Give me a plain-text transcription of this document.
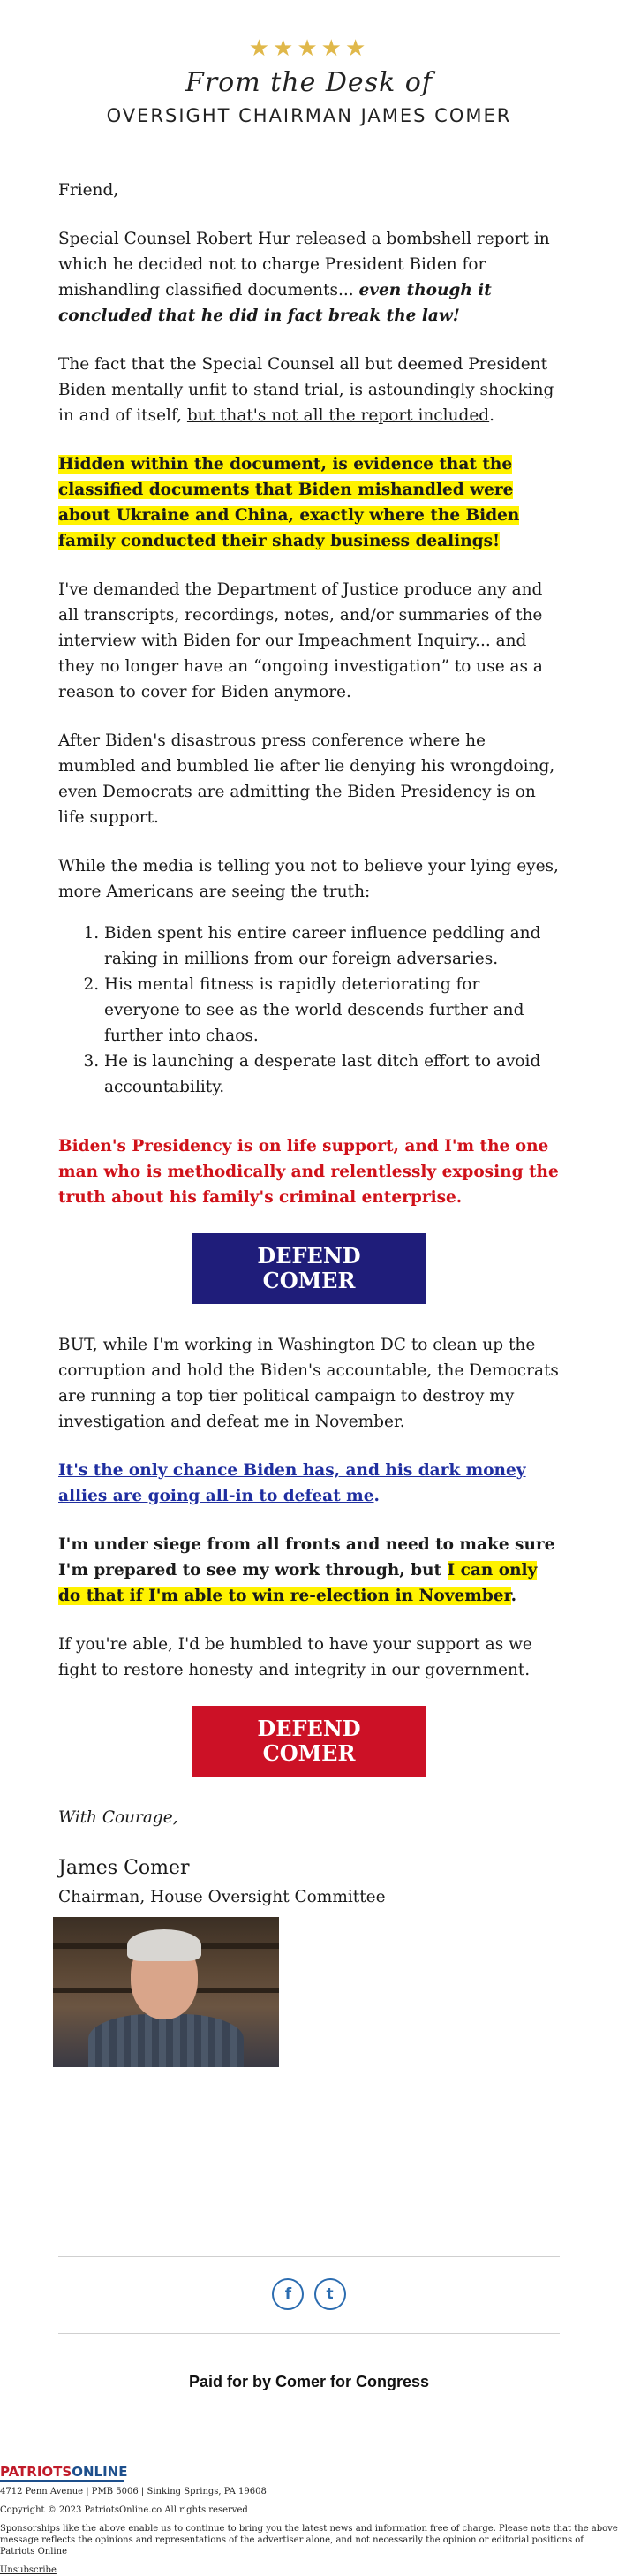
★★★★★
From the Desk of
OVERSIGHT CHAIRMAN JAMES COMER

Friend,

Special Counsel Robert Hur released a bombshell report in which he decided not to charge President Biden for mishandling classified documents... even though it concluded that he did in fact break the law!

The fact that the Special Counsel all but deemed President Biden mentally unfit to stand trial, is astoundingly shocking in and of itself, but that's not all the report included.

Hidden within the document, is evidence that the classified documents that Biden mishandled were about Ukraine and China, exactly where the Biden family conducted their shady business dealings!

I've demanded the Department of Justice produce any and all transcripts, recordings, notes, and/or summaries of the interview with Biden for our Impeachment Inquiry... and they no longer have an “ongoing investigation” to use as a reason to cover for Biden anymore.

After Biden's disastrous press conference where he mumbled and bumbled lie after lie denying his wrongdoing, even Democrats are admitting the Biden Presidency is on life support.

While the media is telling you not to believe your lying eyes, more Americans are seeing the truth:

1. Biden spent his entire career influence peddling and raking in millions from our foreign adversaries.
2. His mental fitness is rapidly deteriorating for everyone to see as the world descends further and further into chaos.
3. He is launching a desperate last ditch effort to avoid accountability.

Biden's Presidency is on life support, and I'm the one man who is methodically and relentlessly exposing the truth about his family's criminal enterprise.

DEFEND COMER

BUT, while I'm working in Washington DC to clean up the corruption and hold the Biden's accountable, the Democrats are running a top tier political campaign to destroy my investigation and defeat me in November.

It's the only chance Biden has, and his dark money allies are going all-in to defeat me.

I'm under siege from all fronts and need to make sure I'm prepared to see my work through, but I can only do that if I'm able to win re-election in November.

If you're able, I'd be humbled to have your support as we fight to restore honesty and integrity in our government.

DEFEND COMER

With Courage,

James Comer

Chairman, House Oversight Committee

f t
Paid for by Comer for Congress
PATRIOTSONLINE
4712 Penn Avenue | PMB 5006 | Sinking Springs, PA 19608
Copyright © 2023 PatriotsOnline.co All rights reserved
Sponsorships like the above enable us to continue to bring you the latest news and information free of charge. Please note that the above message reflects the opinions and representations of the advertiser alone, and not necessarily the opinion or editorial positions of Patriots Online
Unsubscribe
